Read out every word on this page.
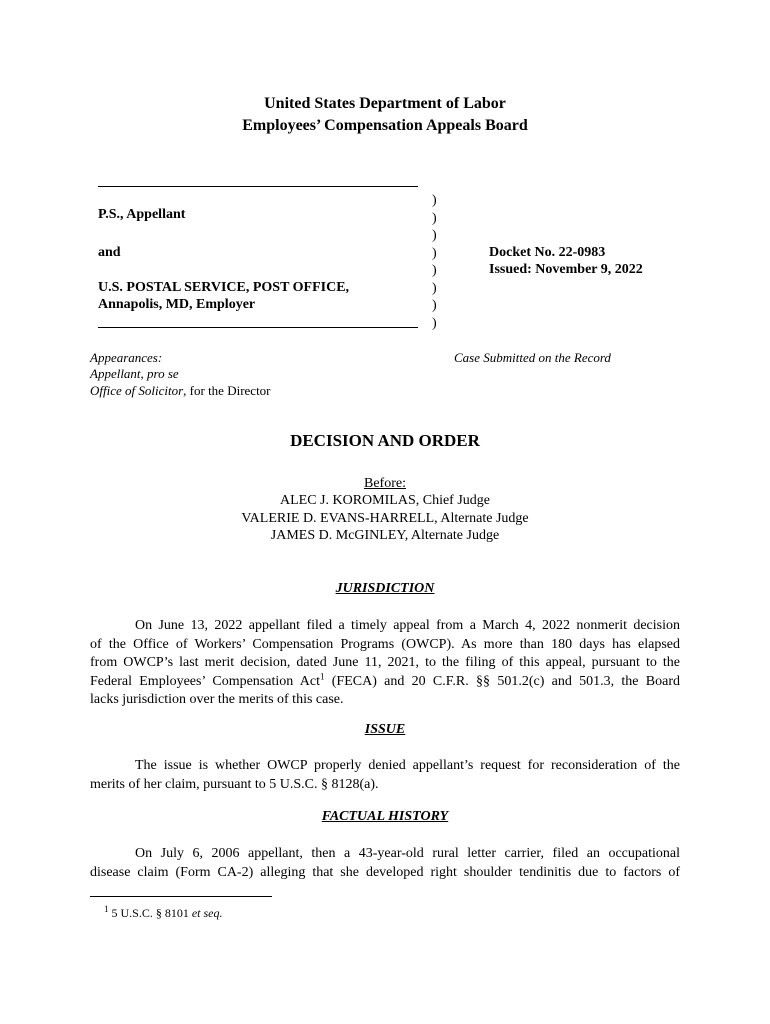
United States Department of Labor
Employees’ Compensation Appeals Board
P.S., Appellant
and
U.S. POSTAL SERVICE, POST OFFICE,
Annapolis, MD, Employer
)
)
)
)
)
)
)
)
Docket No. 22-0983
Issued: November 9, 2022
Appearances:
Appellant, pro se
Office of Solicitor, for the Director
Case Submitted on the Record
DECISION AND ORDER
Before:
ALEC J. KOROMILAS, Chief Judge
VALERIE D. EVANS-HARRELL, Alternate Judge
JAMES D. McGINLEY, Alternate Judge
JURISDICTION
On June 13, 2022 appellant filed a timely appeal from a March 4, 2022 nonmerit decision
of the Office of Workers’ Compensation Programs (OWCP). As more than 180 days has elapsed
from OWCP’s last merit decision, dated June 11, 2021, to the filing of this appeal, pursuant to the
Federal Employees’ Compensation Act$^1$ (FECA) and 20 C.F.R. §§ 501.2(c) and 501.3, the Board
lacks jurisdiction over the merits of this case.
ISSUE
The issue is whether OWCP properly denied appellant’s request for reconsideration of the
merits of her claim, pursuant to 5 U.S.C. § 8128(a).
FACTUAL HISTORY
On July 6, 2006 appellant, then a 43-year-old rural letter carrier, filed an occupational
disease claim (Form CA-2) alleging that she developed right shoulder tendinitis due to factors of
$^1$ 5 U.S.C. § 8101 et seq.
